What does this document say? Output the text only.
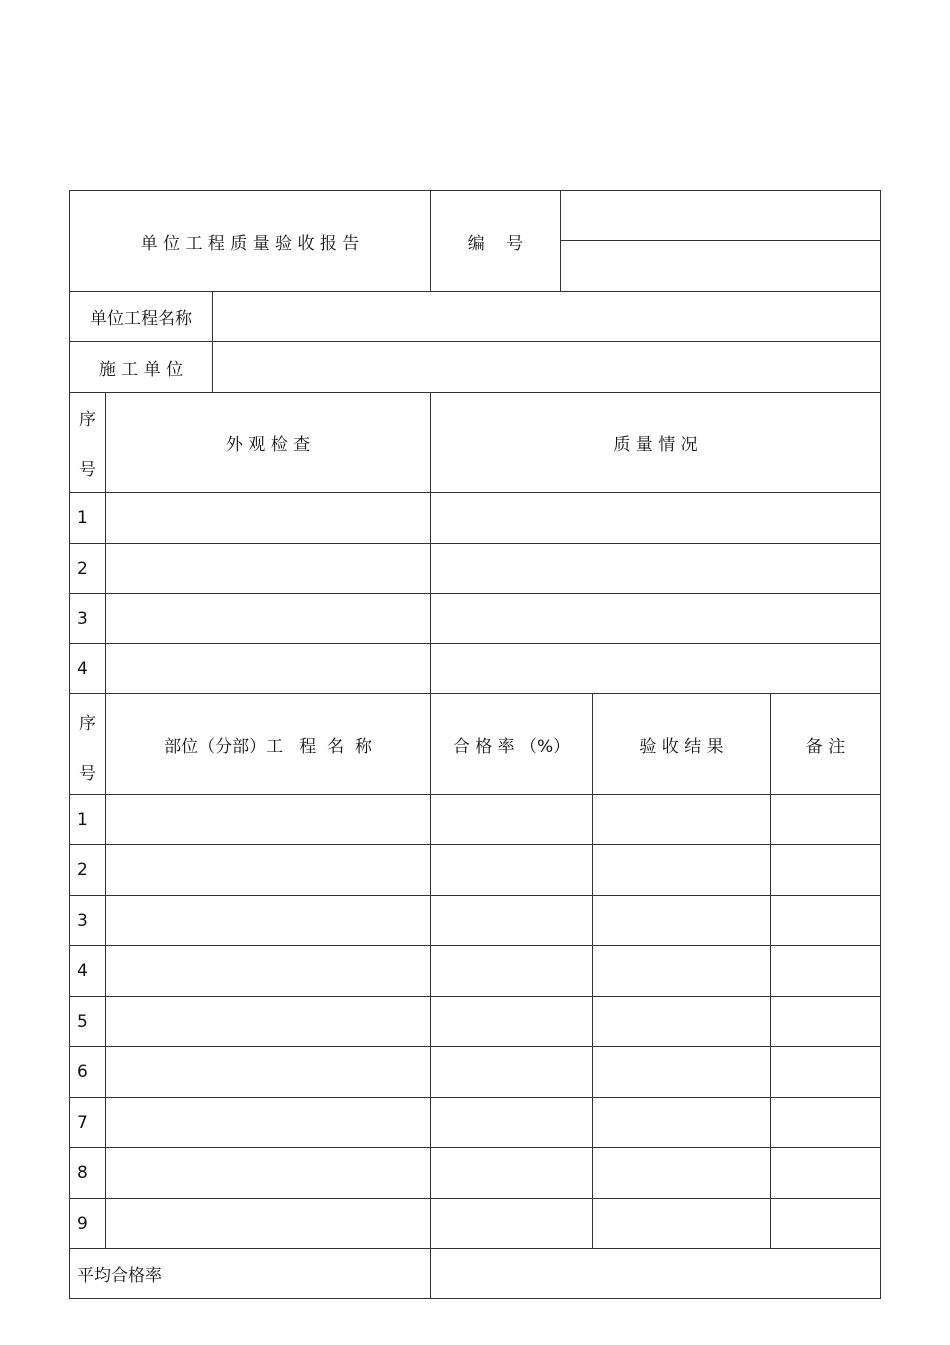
单 位 工 程 质 量 验 收 报 告	编    号
单位工程名称
施 工 单 位
序
号
外 观 检 查	质 量 情 况
1
2
3
4
序
号
部位（分部）工   程  名  称	合 格 率 （%）	验 收 结 果	备 注
1
2
3
4
5
6
7
8
9
平均合格率
